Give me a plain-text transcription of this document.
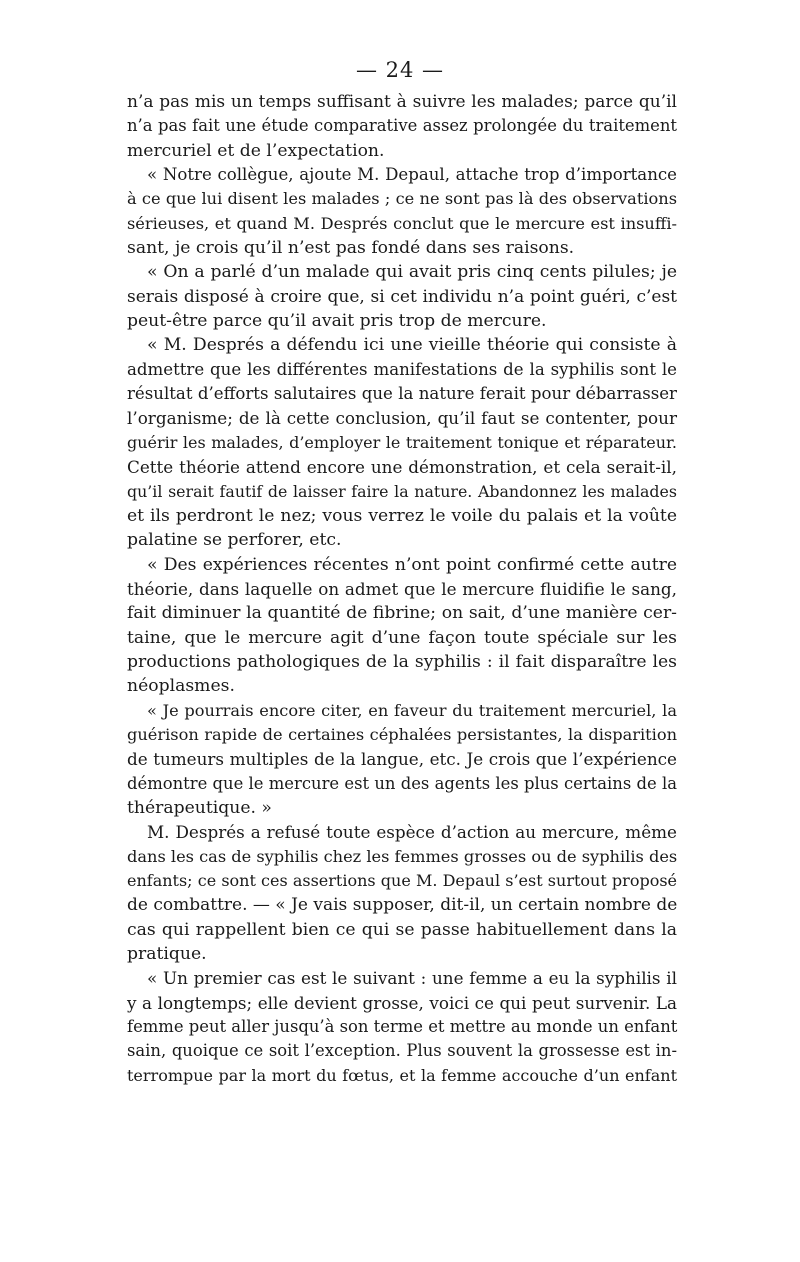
— 24 —
n’a pas mis un temps suffisant à suivre les malades; parce qu’il
n’a pas fait une étude comparative assez prolongée du traitement
mercuriel et de l’expectation.
« Notre collègue, ajoute M. Depaul, attache trop d’importance
à ce que lui disent les malades ; ce ne sont pas là des observations
sérieuses, et quand M. Després conclut que le mercure est insuffi-
sant, je crois qu’il n’est pas fondé dans ses raisons.
« On a parlé d’un malade qui avait pris cinq cents pilules; je
serais disposé à croire que, si cet individu n’a point guéri, c’est
peut-être parce qu’il avait pris trop de mercure.
« M. Després a défendu ici une vieille théorie qui consiste à
admettre que les différentes manifestations de la syphilis sont le
résultat d’efforts salutaires que la nature ferait pour débarrasser
l’organisme; de là cette conclusion, qu’il faut se contenter, pour
guérir les malades, d’employer le traitement tonique et réparateur.
Cette théorie attend encore une démonstration, et cela serait-il,
qu’il serait fautif de laisser faire la nature. Abandonnez les malades
et ils perdront le nez; vous verrez le voile du palais et la voûte
palatine se perforer, etc.
« Des expériences récentes n’ont point confirmé cette autre
théorie, dans laquelle on admet que le mercure fluidifie le sang,
fait diminuer la quantité de fibrine; on sait, d’une manière cer-
taine, que le mercure agit d’une façon toute spéciale sur les
productions pathologiques de la syphilis : il fait disparaître les
néoplasmes.
« Je pourrais encore citer, en faveur du traitement mercuriel, la
guérison rapide de certaines céphalées persistantes, la disparition
de tumeurs multiples de la langue, etc. Je crois que l’expérience
démontre que le mercure est un des agents les plus certains de la
thérapeutique. »
M. Després a refusé toute espèce d’action au mercure, même
dans les cas de syphilis chez les femmes grosses ou de syphilis des
enfants; ce sont ces assertions que M. Depaul s’est surtout proposé
de combattre. — « Je vais supposer, dit-il, un certain nombre de
cas qui rappellent bien ce qui se passe habituellement dans la
pratique.
« Un premier cas est le suivant : une femme a eu la syphilis il
y a longtemps; elle devient grosse, voici ce qui peut survenir. La
femme peut aller jusqu’à son terme et mettre au monde un enfant
sain, quoique ce soit l’exception. Plus souvent la grossesse est in-
terrompue par la mort du fœtus, et la femme accouche d’un enfant
